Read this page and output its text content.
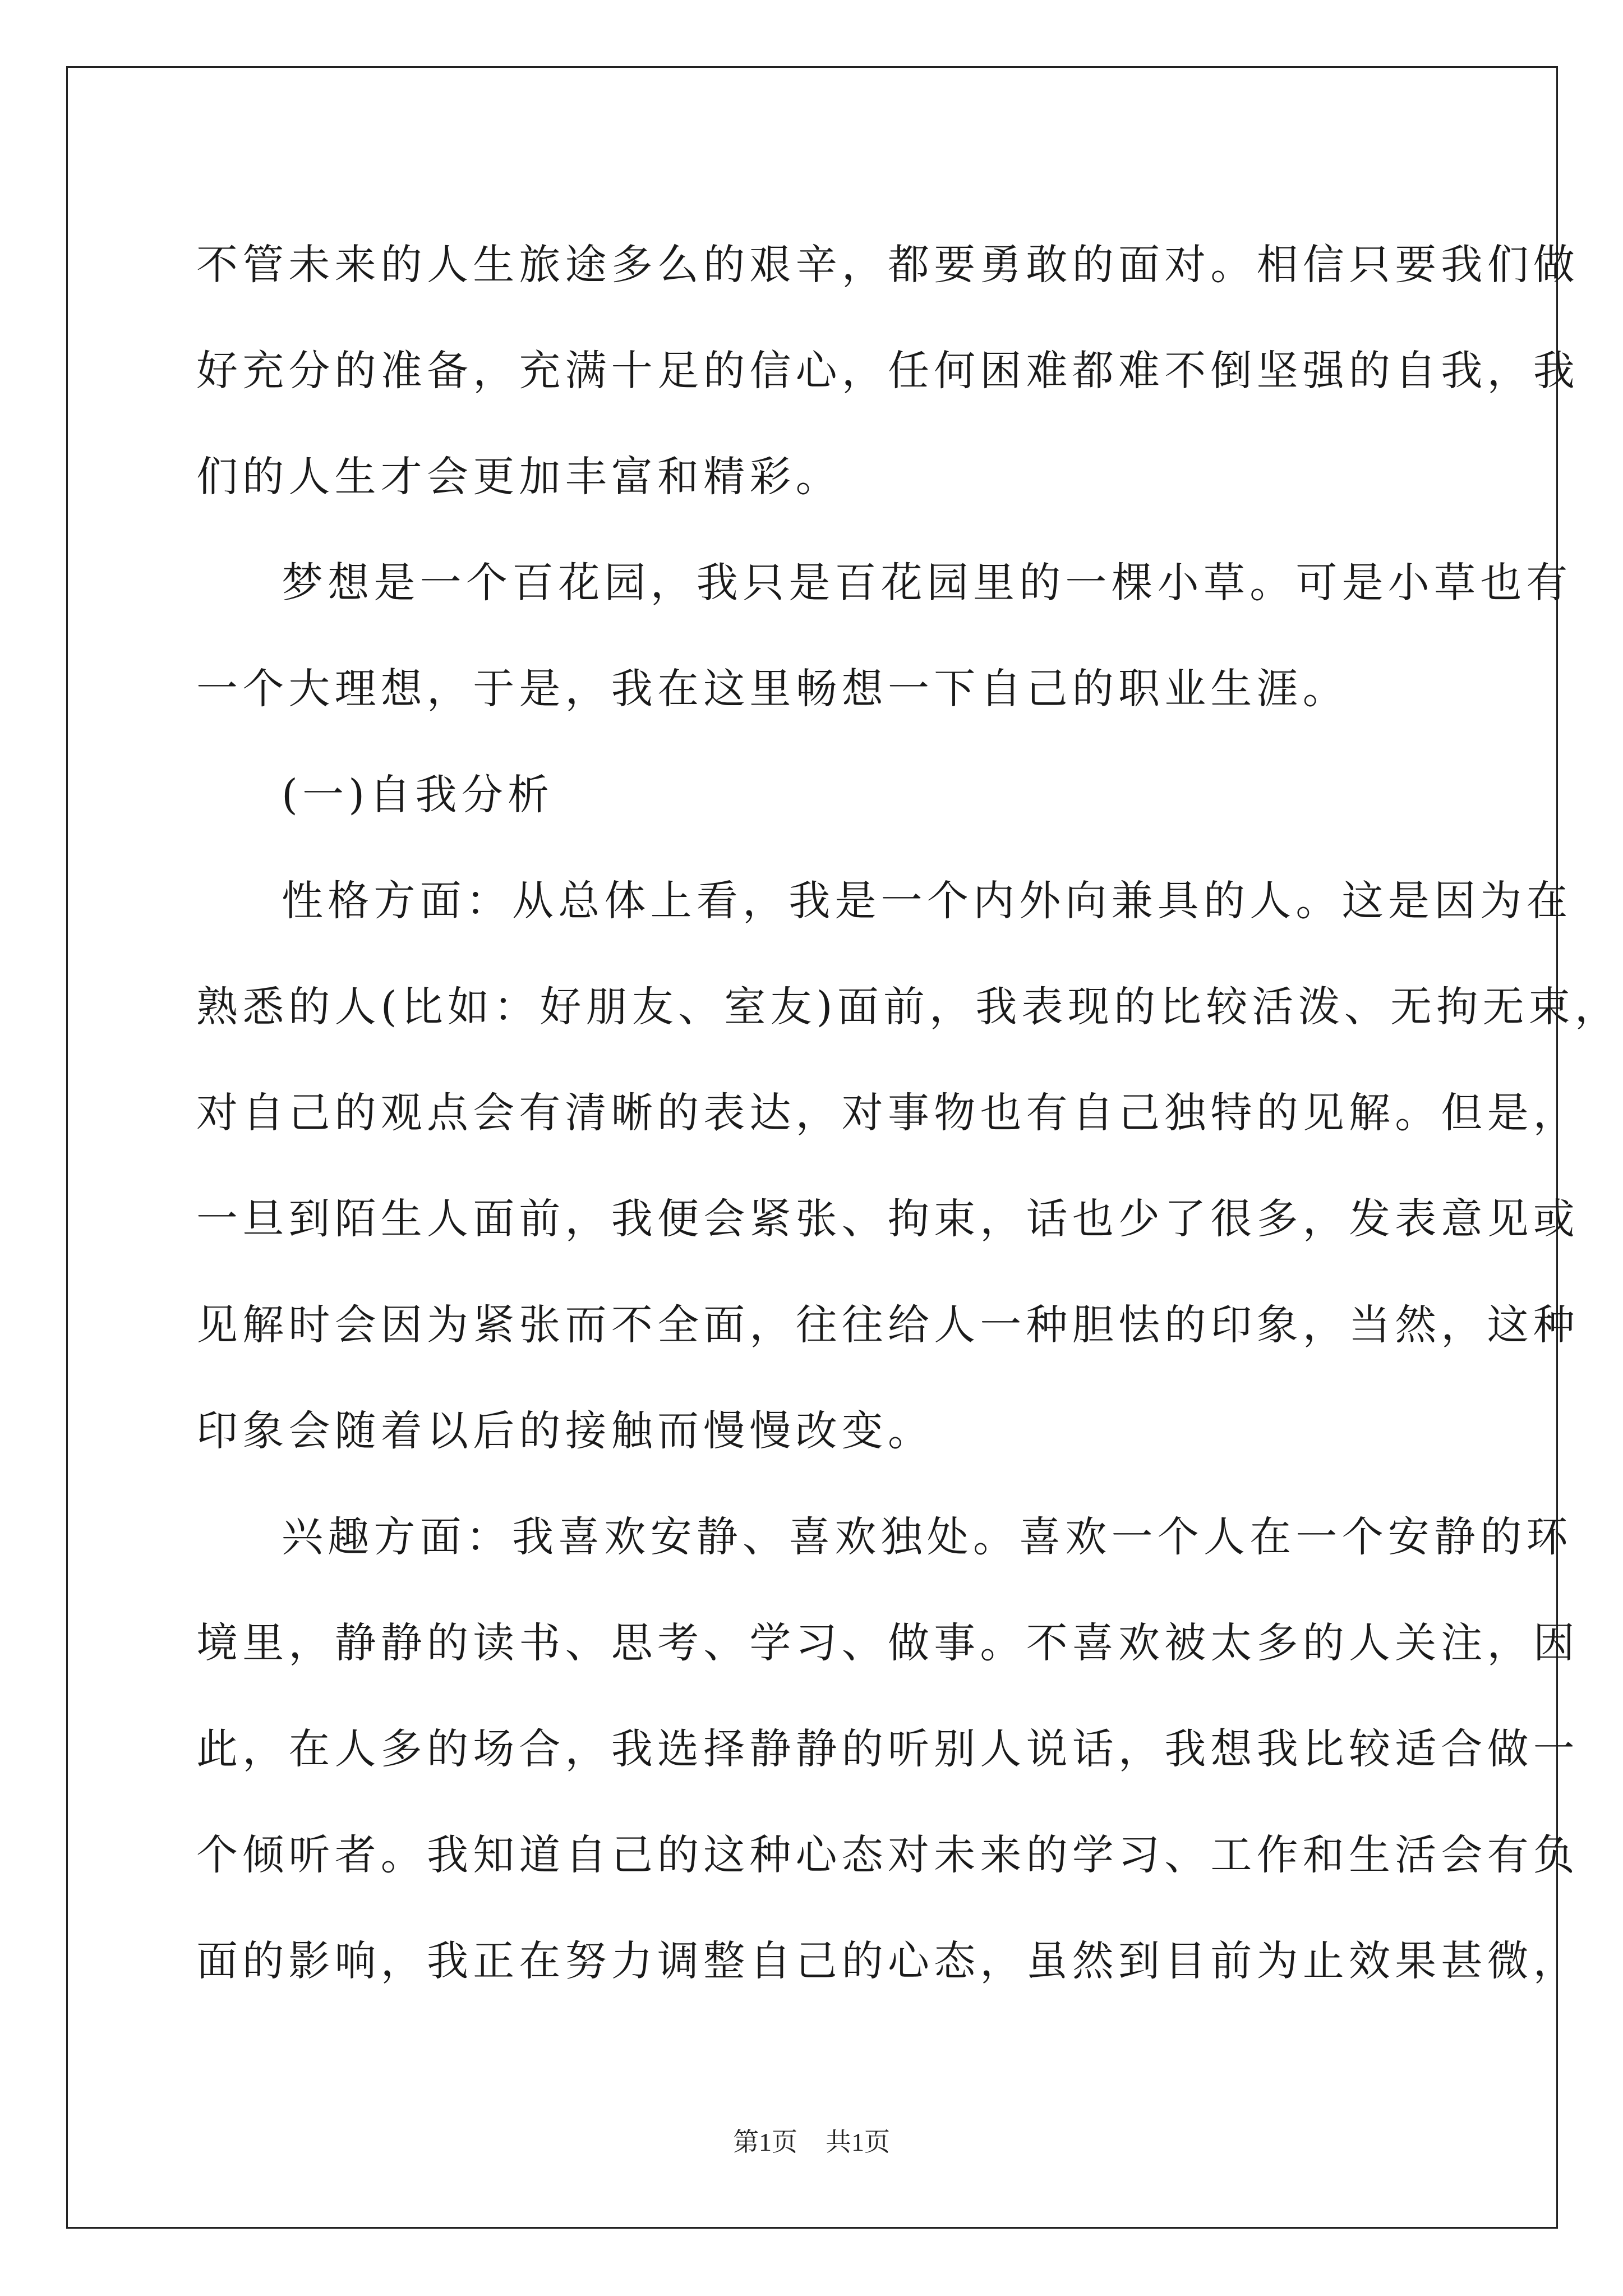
不管未来的人生旅途多么的艰辛，都要勇敢的面对。相信只要我们做
好充分的准备，充满十足的信心，任何困难都难不倒坚强的自我，我
们的人生才会更加丰富和精彩。
梦想是一个百花园，我只是百花园里的一棵小草。可是小草也有
一个大理想，于是，我在这里畅想一下自己的职业生涯。
(一)自我分析
性格方面：从总体上看，我是一个内外向兼具的人。这是因为在
熟悉的人(比如：好朋友、室友)面前，我表现的比较活泼、无拘无束，
对自己的观点会有清晰的表达，对事物也有自己独特的见解。但是，
一旦到陌生人面前，我便会紧张、拘束，话也少了很多，发表意见或
见解时会因为紧张而不全面，往往给人一种胆怯的印象，当然，这种
印象会随着以后的接触而慢慢改变。
兴趣方面：我喜欢安静、喜欢独处。喜欢一个人在一个安静的环
境里，静静的读书、思考、学习、做事。不喜欢被太多的人关注，因
此，在人多的场合，我选择静静的听别人说话，我想我比较适合做一
个倾听者。我知道自己的这种心态对未来的学习、工作和生活会有负
面的影响，我正在努力调整自己的心态，虽然到目前为止效果甚微，
第1页 共1页
